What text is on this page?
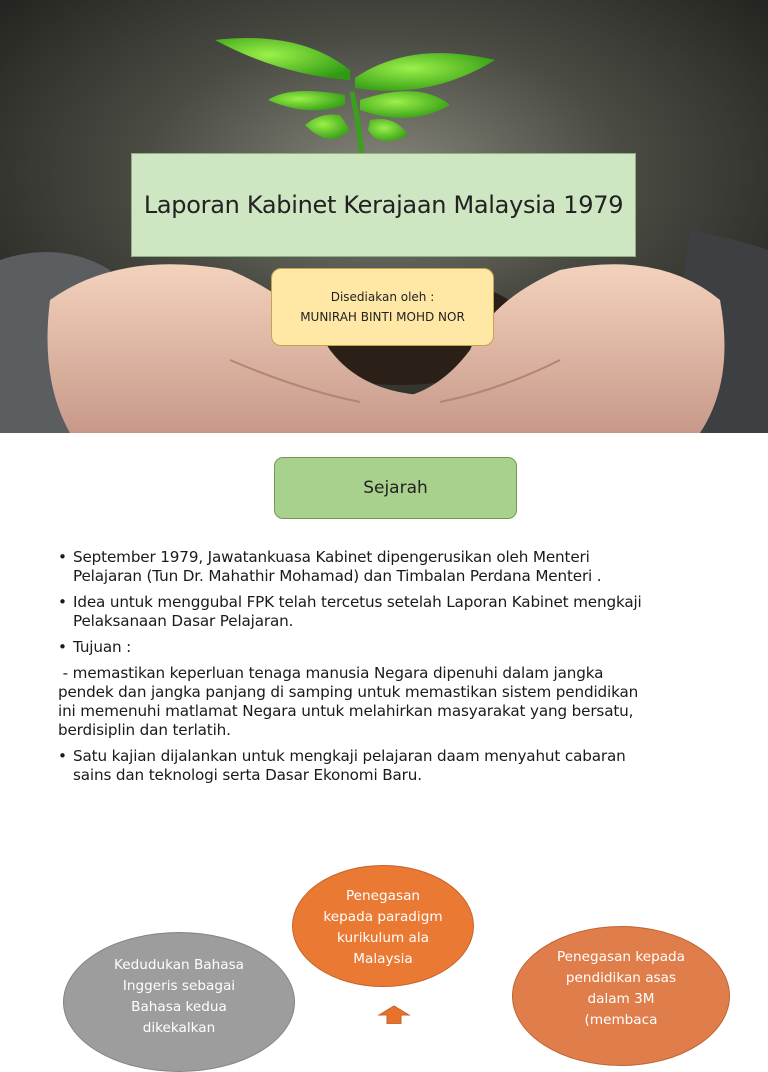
Laporan Kabinet Kerajaan Malaysia 1979
Disediakan oleh :
MUNIRAH BINTI MOHD NOR
Sejarah
• September 1979, Jawatankuasa Kabinet dipengerusikan oleh Menteri
Pelajaran (Tun Dr. Mahathir Mohamad) dan Timbalan Perdana Menteri .
• Idea untuk menggubal FPK telah tercetus setelah Laporan Kabinet mengkaji
Pelaksanaan Dasar Pelajaran.
• Tujuan :
- memastikan keperluan tenaga manusia Negara dipenuhi dalam jangka
pendek dan jangka panjang di samping untuk memastikan sistem pendidikan
ini memenuhi matlamat Negara untuk melahirkan masyarakat yang bersatu,
berdisiplin dan terlatih.
• Satu kajian dijalankan untuk mengkaji pelajaran daam menyahut cabaran
sains dan teknologi serta Dasar Ekonomi Baru.
Kedudukan Bahasa
Inggeris sebagai
Bahasa kedua
dikekalkan
Penegasan kepada
pendidikan asas
dalam 3M
(membaca
Penegasan
kepada paradigm
kurikulum ala
Malaysia
